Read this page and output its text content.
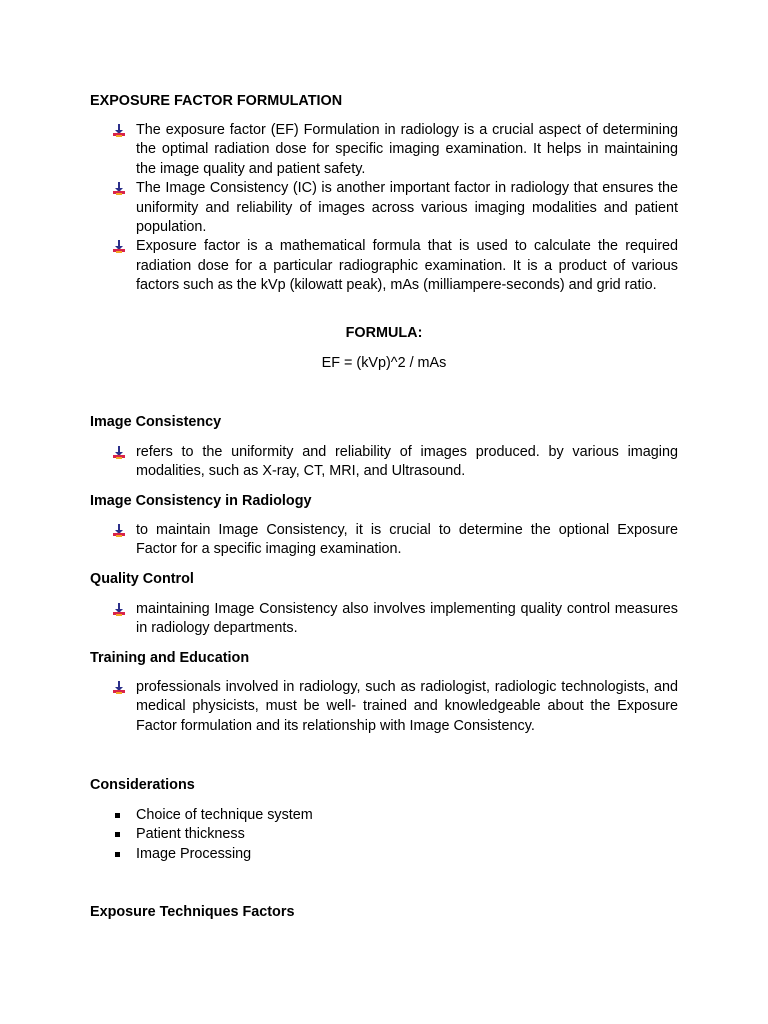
EXPOSURE FACTOR FORMULATION
The exposure factor (EF) Formulation in radiology is a crucial aspect of determining the optimal radiation dose for specific imaging examination. It helps in maintaining the image quality and patient safety.
The Image Consistency (IC) is another important factor in radiology that ensures the uniformity and reliability of images across various imaging modalities and patient population.
Exposure factor is a mathematical formula that is used to calculate the required radiation dose for a particular radiographic examination. It is a product of various factors such as the kVp (kilowatt peak), mAs (milliampere-seconds) and grid ratio.

FORMULA:

EF = (kVp)^2 / mAs

Image Consistency
refers to the uniformity and reliability of images produced. by various imaging modalities, such as X-ray, CT, MRI, and Ultrasound.
Image Consistency in Radiology
to maintain Image Consistency, it is crucial to determine the optional Exposure Factor for a specific imaging examination.
Quality Control
maintaining Image Consistency also involves implementing quality control measures in radiology departments.
Training and Education
professionals involved in radiology, such as radiologist, radiologic technologists, and medical physicists, must be well- trained and knowledgeable about the Exposure Factor formulation and its relationship with Image Consistency.
Considerations
Choice of technique system
Patient thickness
Image Processing
Exposure Techniques Factors
